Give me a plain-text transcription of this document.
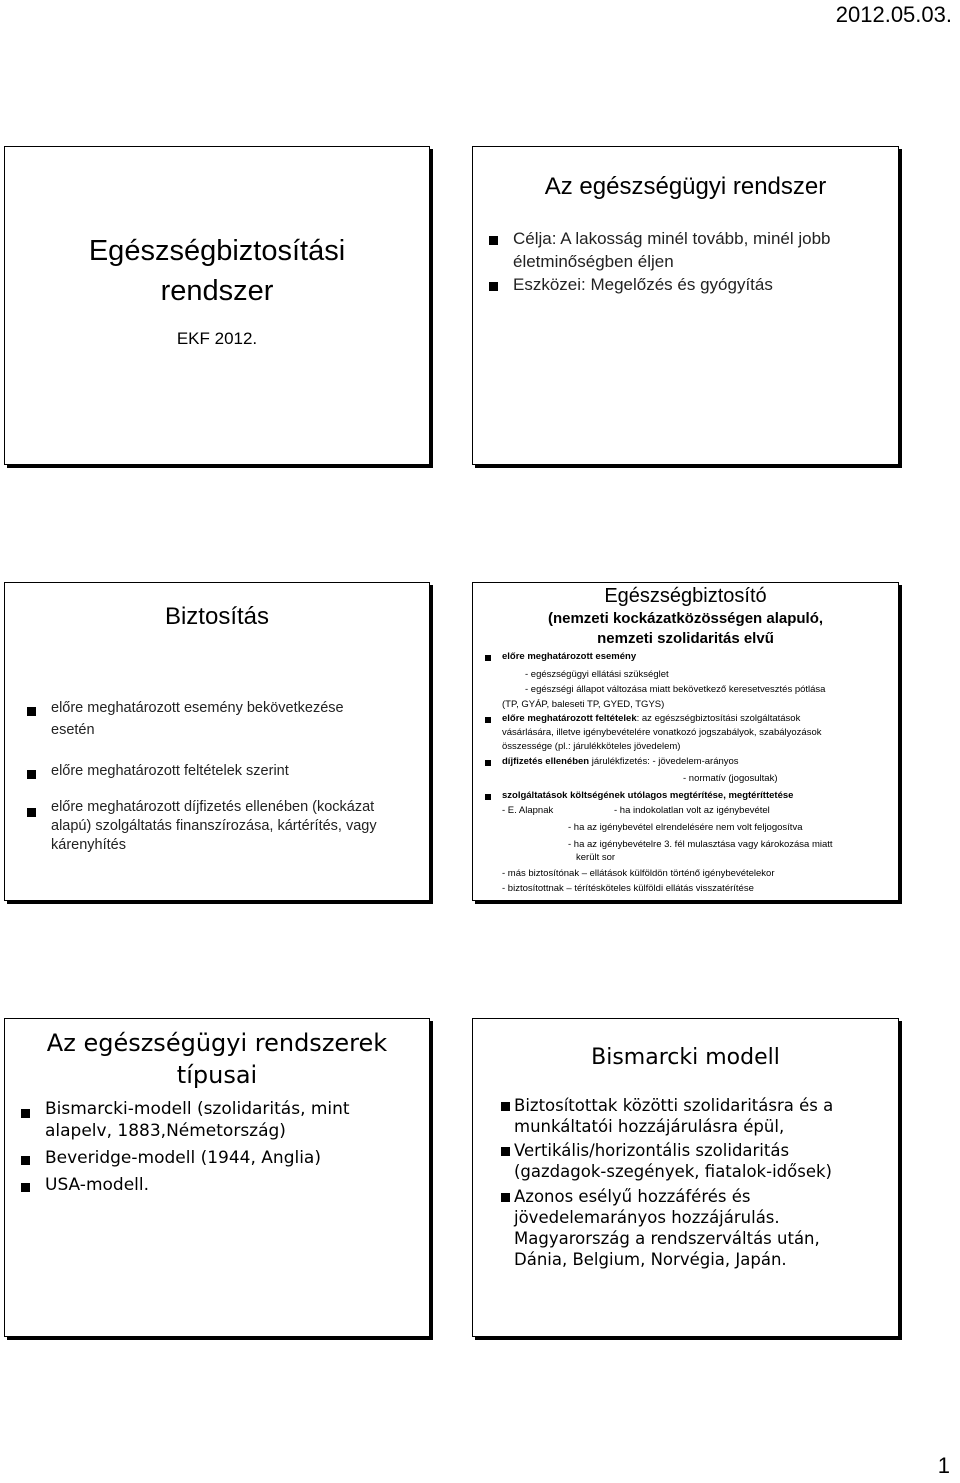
2012.05.03.
Egészségbiztosítási
rendszer
EKF 2012.
Az egészségügyi rendszer
Célja: A lakosság minél tovább, minél jobb
életminőségben éljen
Eszközei: Megelőzés és gyógyítás
Biztosítás
előre meghatározott esemény bekövetkezése
esetén
előre meghatározott feltételek szerint
előre meghatározott díjfizetés ellenében (kockázat
alapú) szolgáltatás finanszírozása, kártérítés, vagy
kárenyhítés
Egészségbiztosító
(nemzeti kockázatközösségen alapuló,
nemzeti szolidaritás elvű
előre meghatározott esemény
- egészségügyi ellátási szükséglet
- egészségi állapot változása miatt bekövetkező keresetvesztés pótlása
(TP, GYÁP, baleseti TP, GYED, TGYS)
előre meghatározott feltételek: az egészségbiztosítási szolgáltatások
vásárlására, illetve igénybevételére vonatkozó jogszabályok, szabályozások
összessége (pl.: járulékköteles jövedelem)
díjfizetés ellenében járulékfizetés: - jövedelem-arányos
- normatív (jogosultak)
szolgáltatások költségének utólagos megtérítése, megtéríttetése
- E. Alapnak	- ha indokolatlan volt az igénybevétel
- ha az igénybevétel elrendelésére nem volt feljogosítva
- ha az igénybevételre 3. fél mulasztása vagy károkozása miatt
került sor
- más biztosítónak – ellátások külföldön történő igénybevételekor
- biztosítottnak – térítésköteles külföldi ellátás visszatérítése
Az egészségügyi rendszerek
típusai
Bismarcki-modell (szolidaritás, mint
alapelv, 1883,Németország)
Beveridge-modell (1944, Anglia)
USA-modell.
Bismarcki modell
Biztosítottak közötti szolidaritásra és a
munkáltatói hozzájárulásra épül,
Vertikális/horizontális szolidaritás
(gazdagok-szegények, fiatalok-idősek)
Azonos esélyű hozzáférés és
jövedelemarányos hozzájárulás.
Magyarország a rendszerváltás után,
Dánia, Belgium, Norvégia, Japán.
1
